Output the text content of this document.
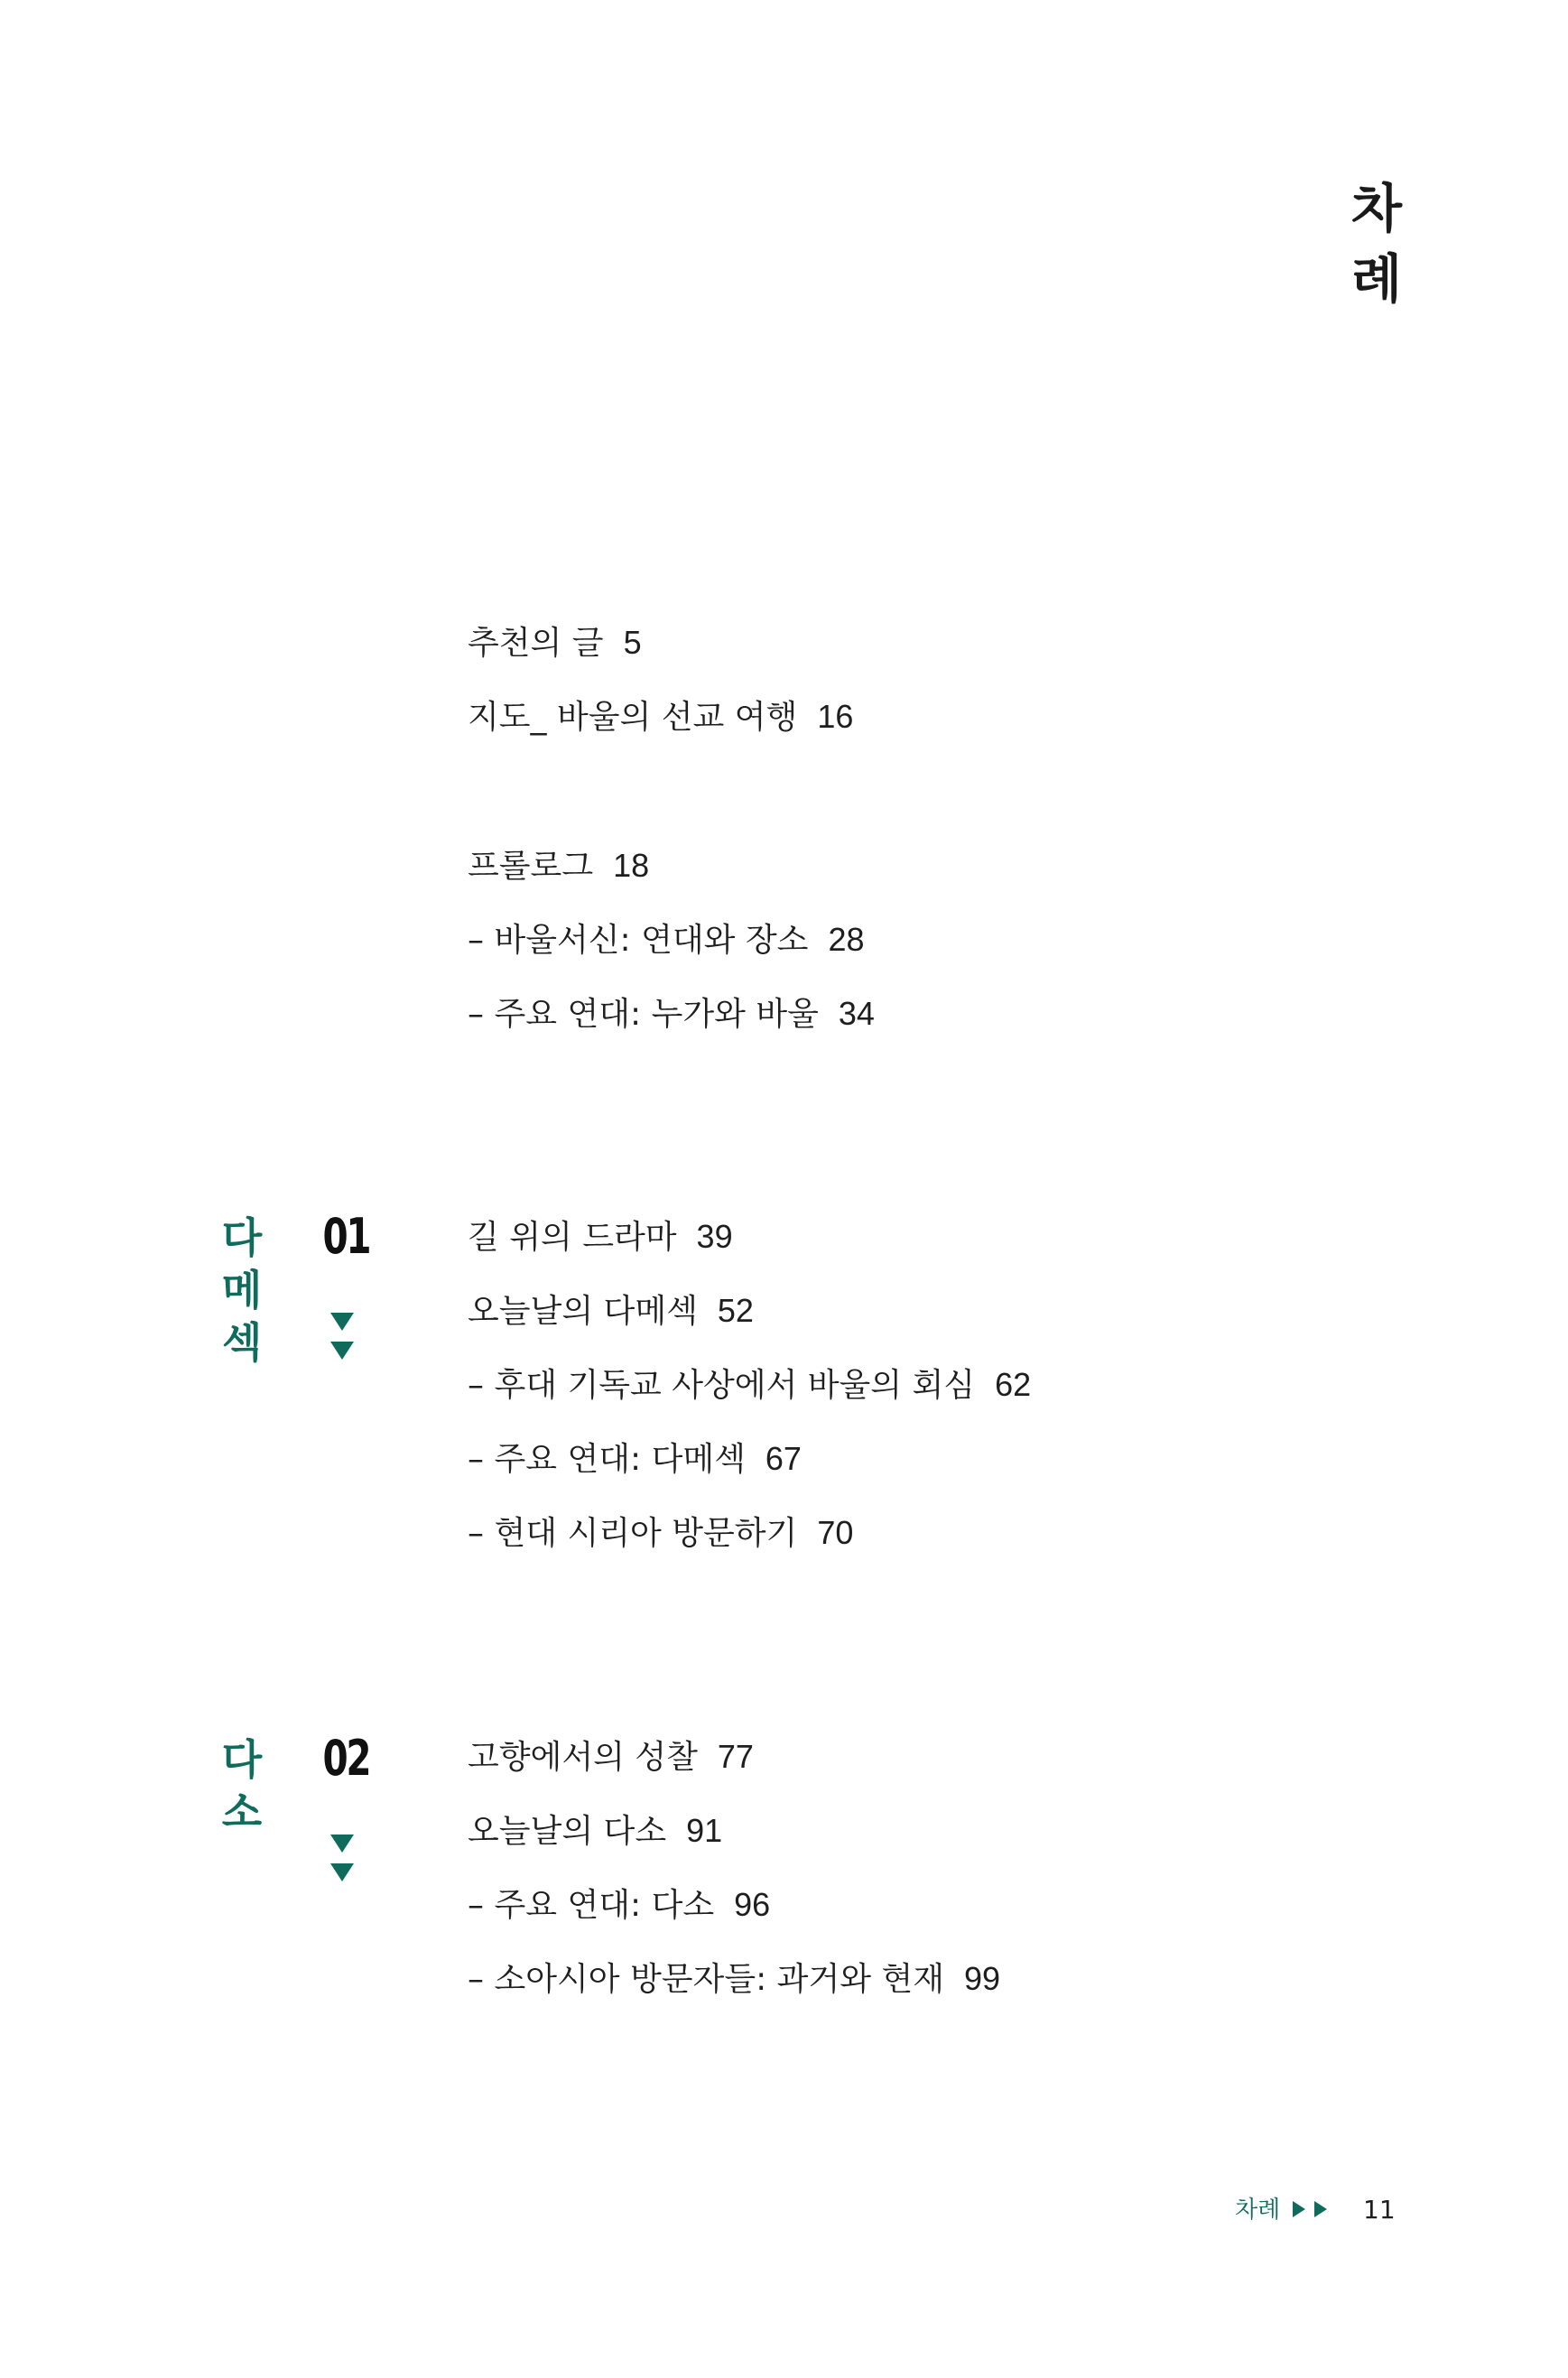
차
례
추천의 글 5
지도_ 바울의 선교 여행 16
프롤로그 18
– 바울서신: 연대와 장소 28
– 주요 연대: 누가와 바울 34
다
메
섹
01	길 위의 드라마 39
오늘날의 다메섹 52
– 후대 기독교 사상에서 바울의 회심 62
– 주요 연대: 다메섹 67
– 현대 시리아 방문하기 70
다
소
02	고향에서의 성찰 77
오늘날의 다소 91
– 주요 연대: 다소 96
– 소아시아 방문자들: 과거와 현재 99
차례	11
